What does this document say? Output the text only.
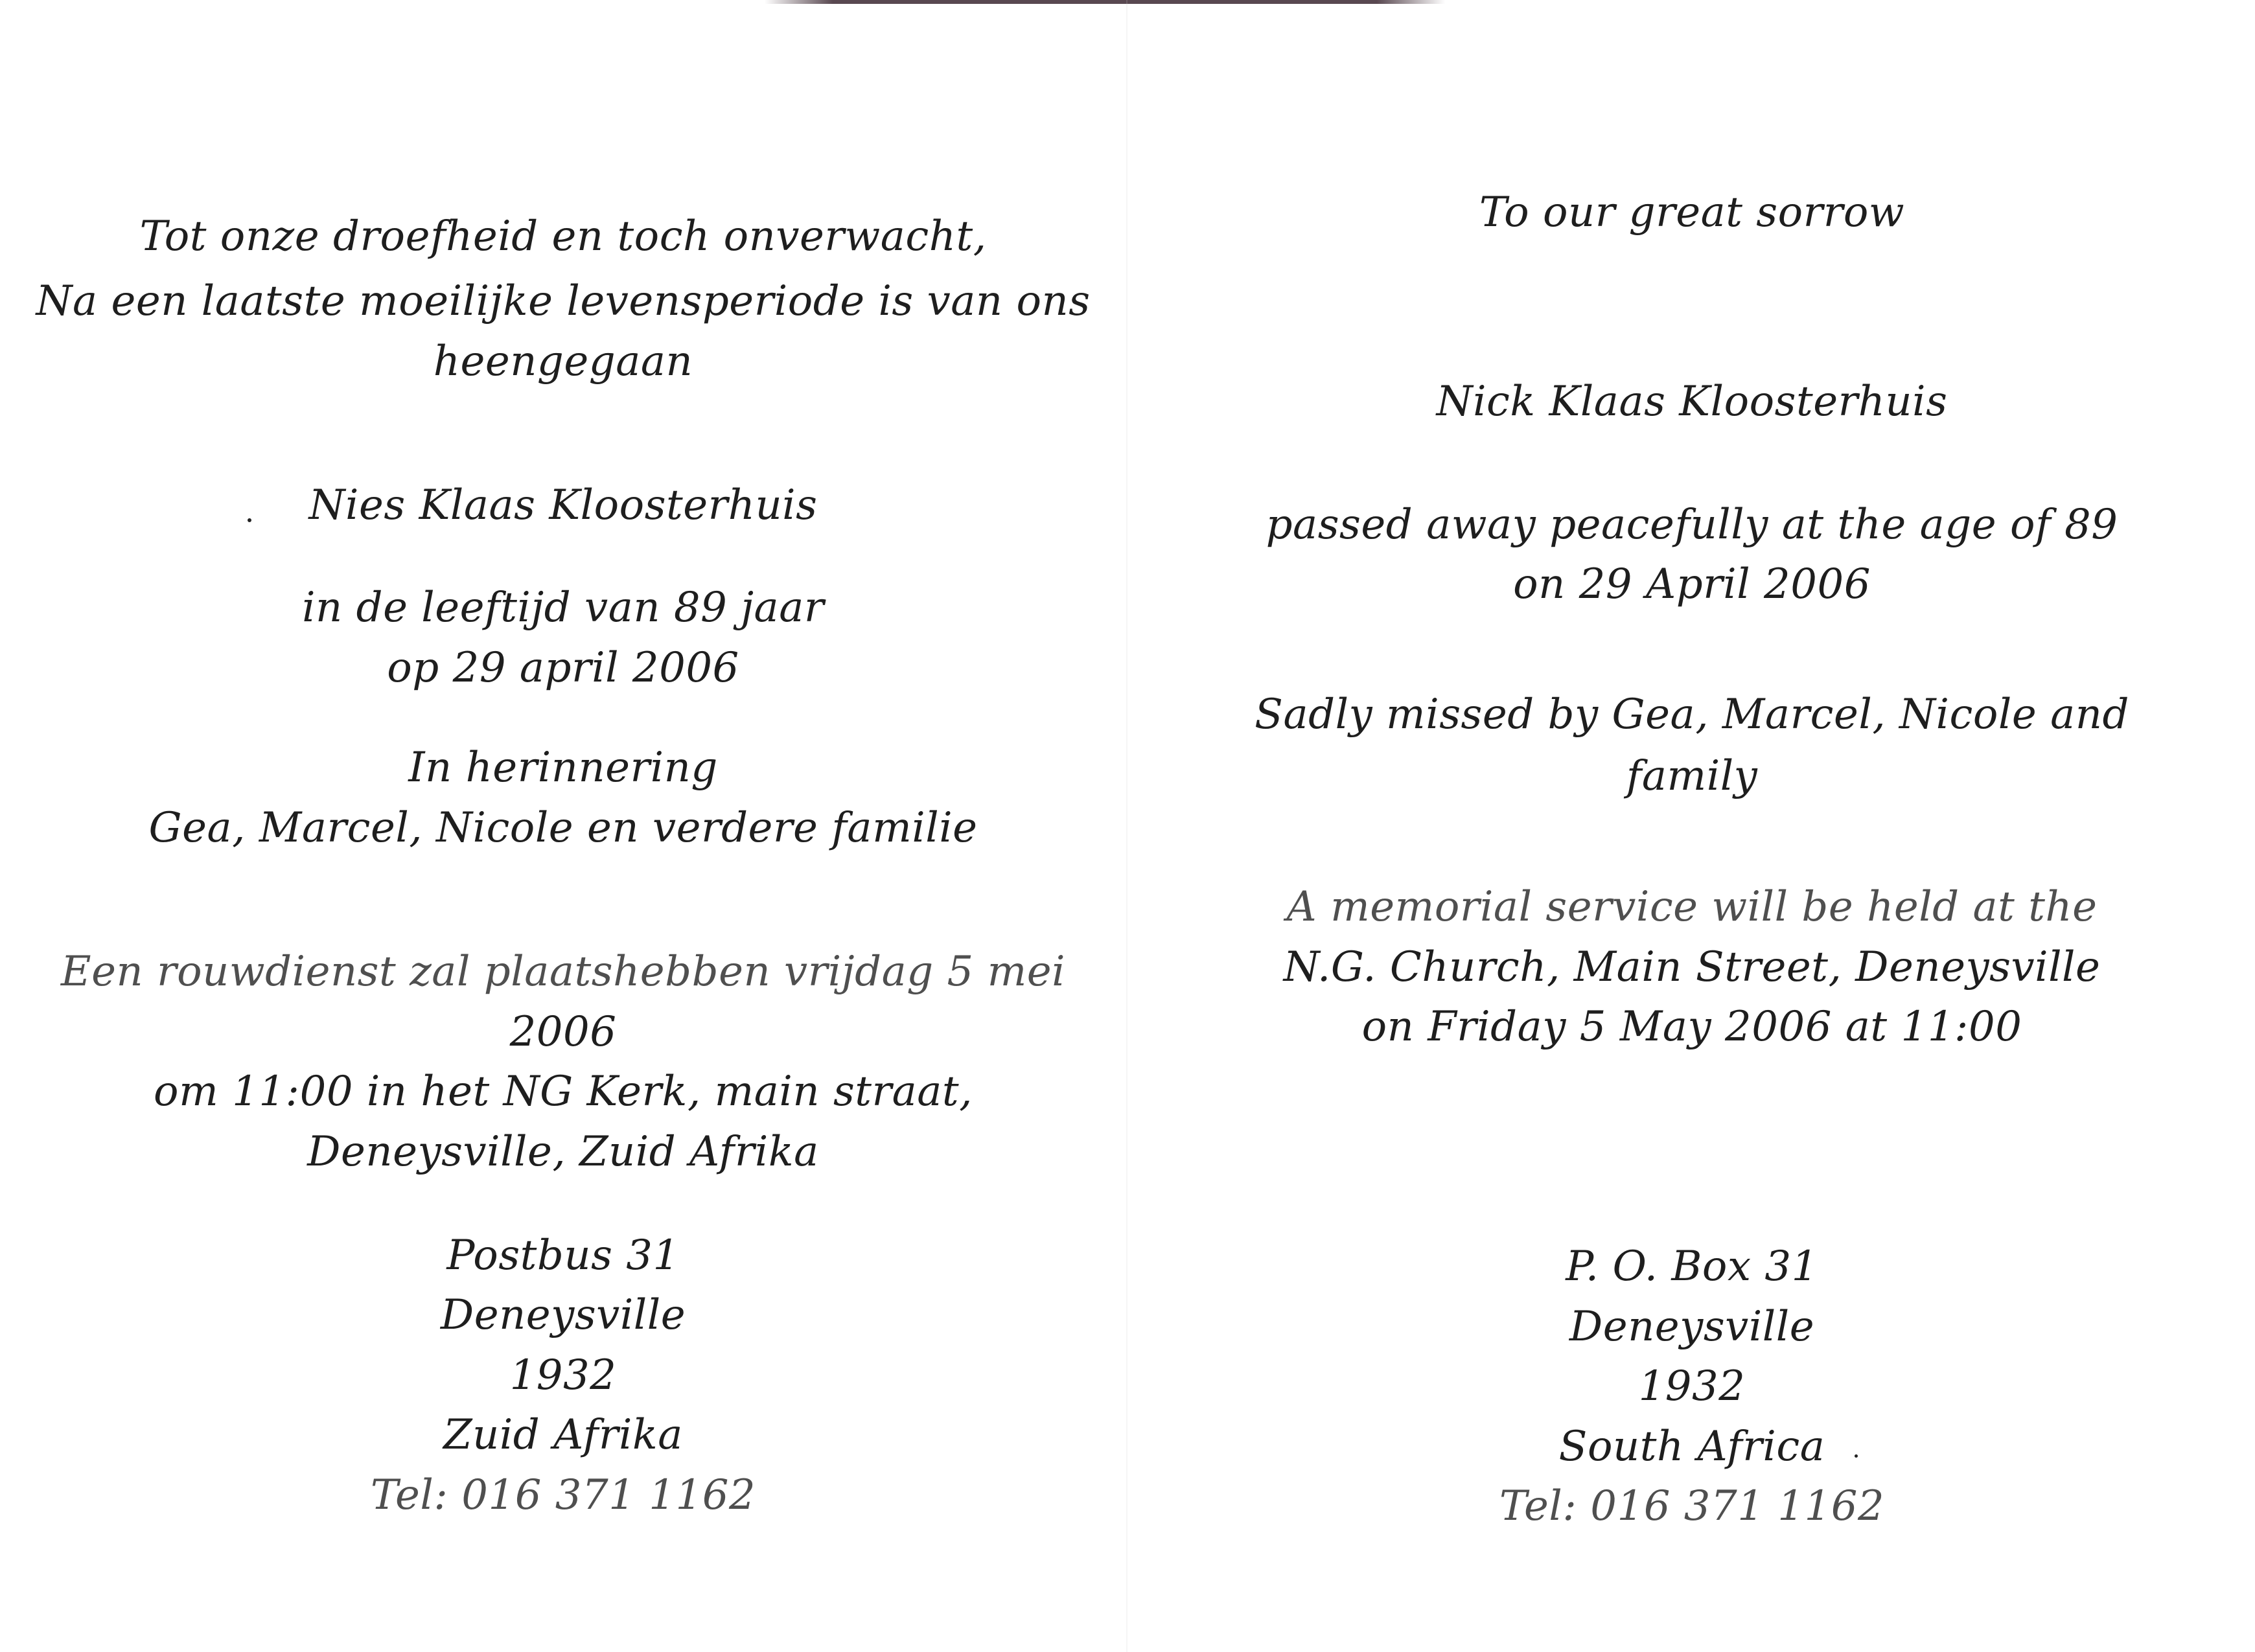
Tot onze droefheid en toch onverwacht,
Na een laatste moeilijke levensperiode is van ons
heengegaan
Nies Klaas Kloosterhuis
in de leeftijd van 89 jaar
op 29 april 2006
In herinnering
Gea, Marcel, Nicole en verdere familie
Een rouwdienst zal plaatshebben vrijdag 5 mei
2006
om 11:00 in het NG Kerk, main straat,
Deneysville, Zuid Afrika
Postbus 31
Deneysville
1932
Zuid Afrika
Tel: 016 371 1162
To our great sorrow
Nick Klaas Kloosterhuis
passed away peacefully at the age of 89
on 29 April 2006
Sadly missed by Gea, Marcel, Nicole and
family
A memorial service will be held at the
N.G. Church, Main Street, Deneysville
on Friday 5 May 2006 at 11:00
P. O. Box 31
Deneysville
1932
South Africa
Tel: 016 371 1162
